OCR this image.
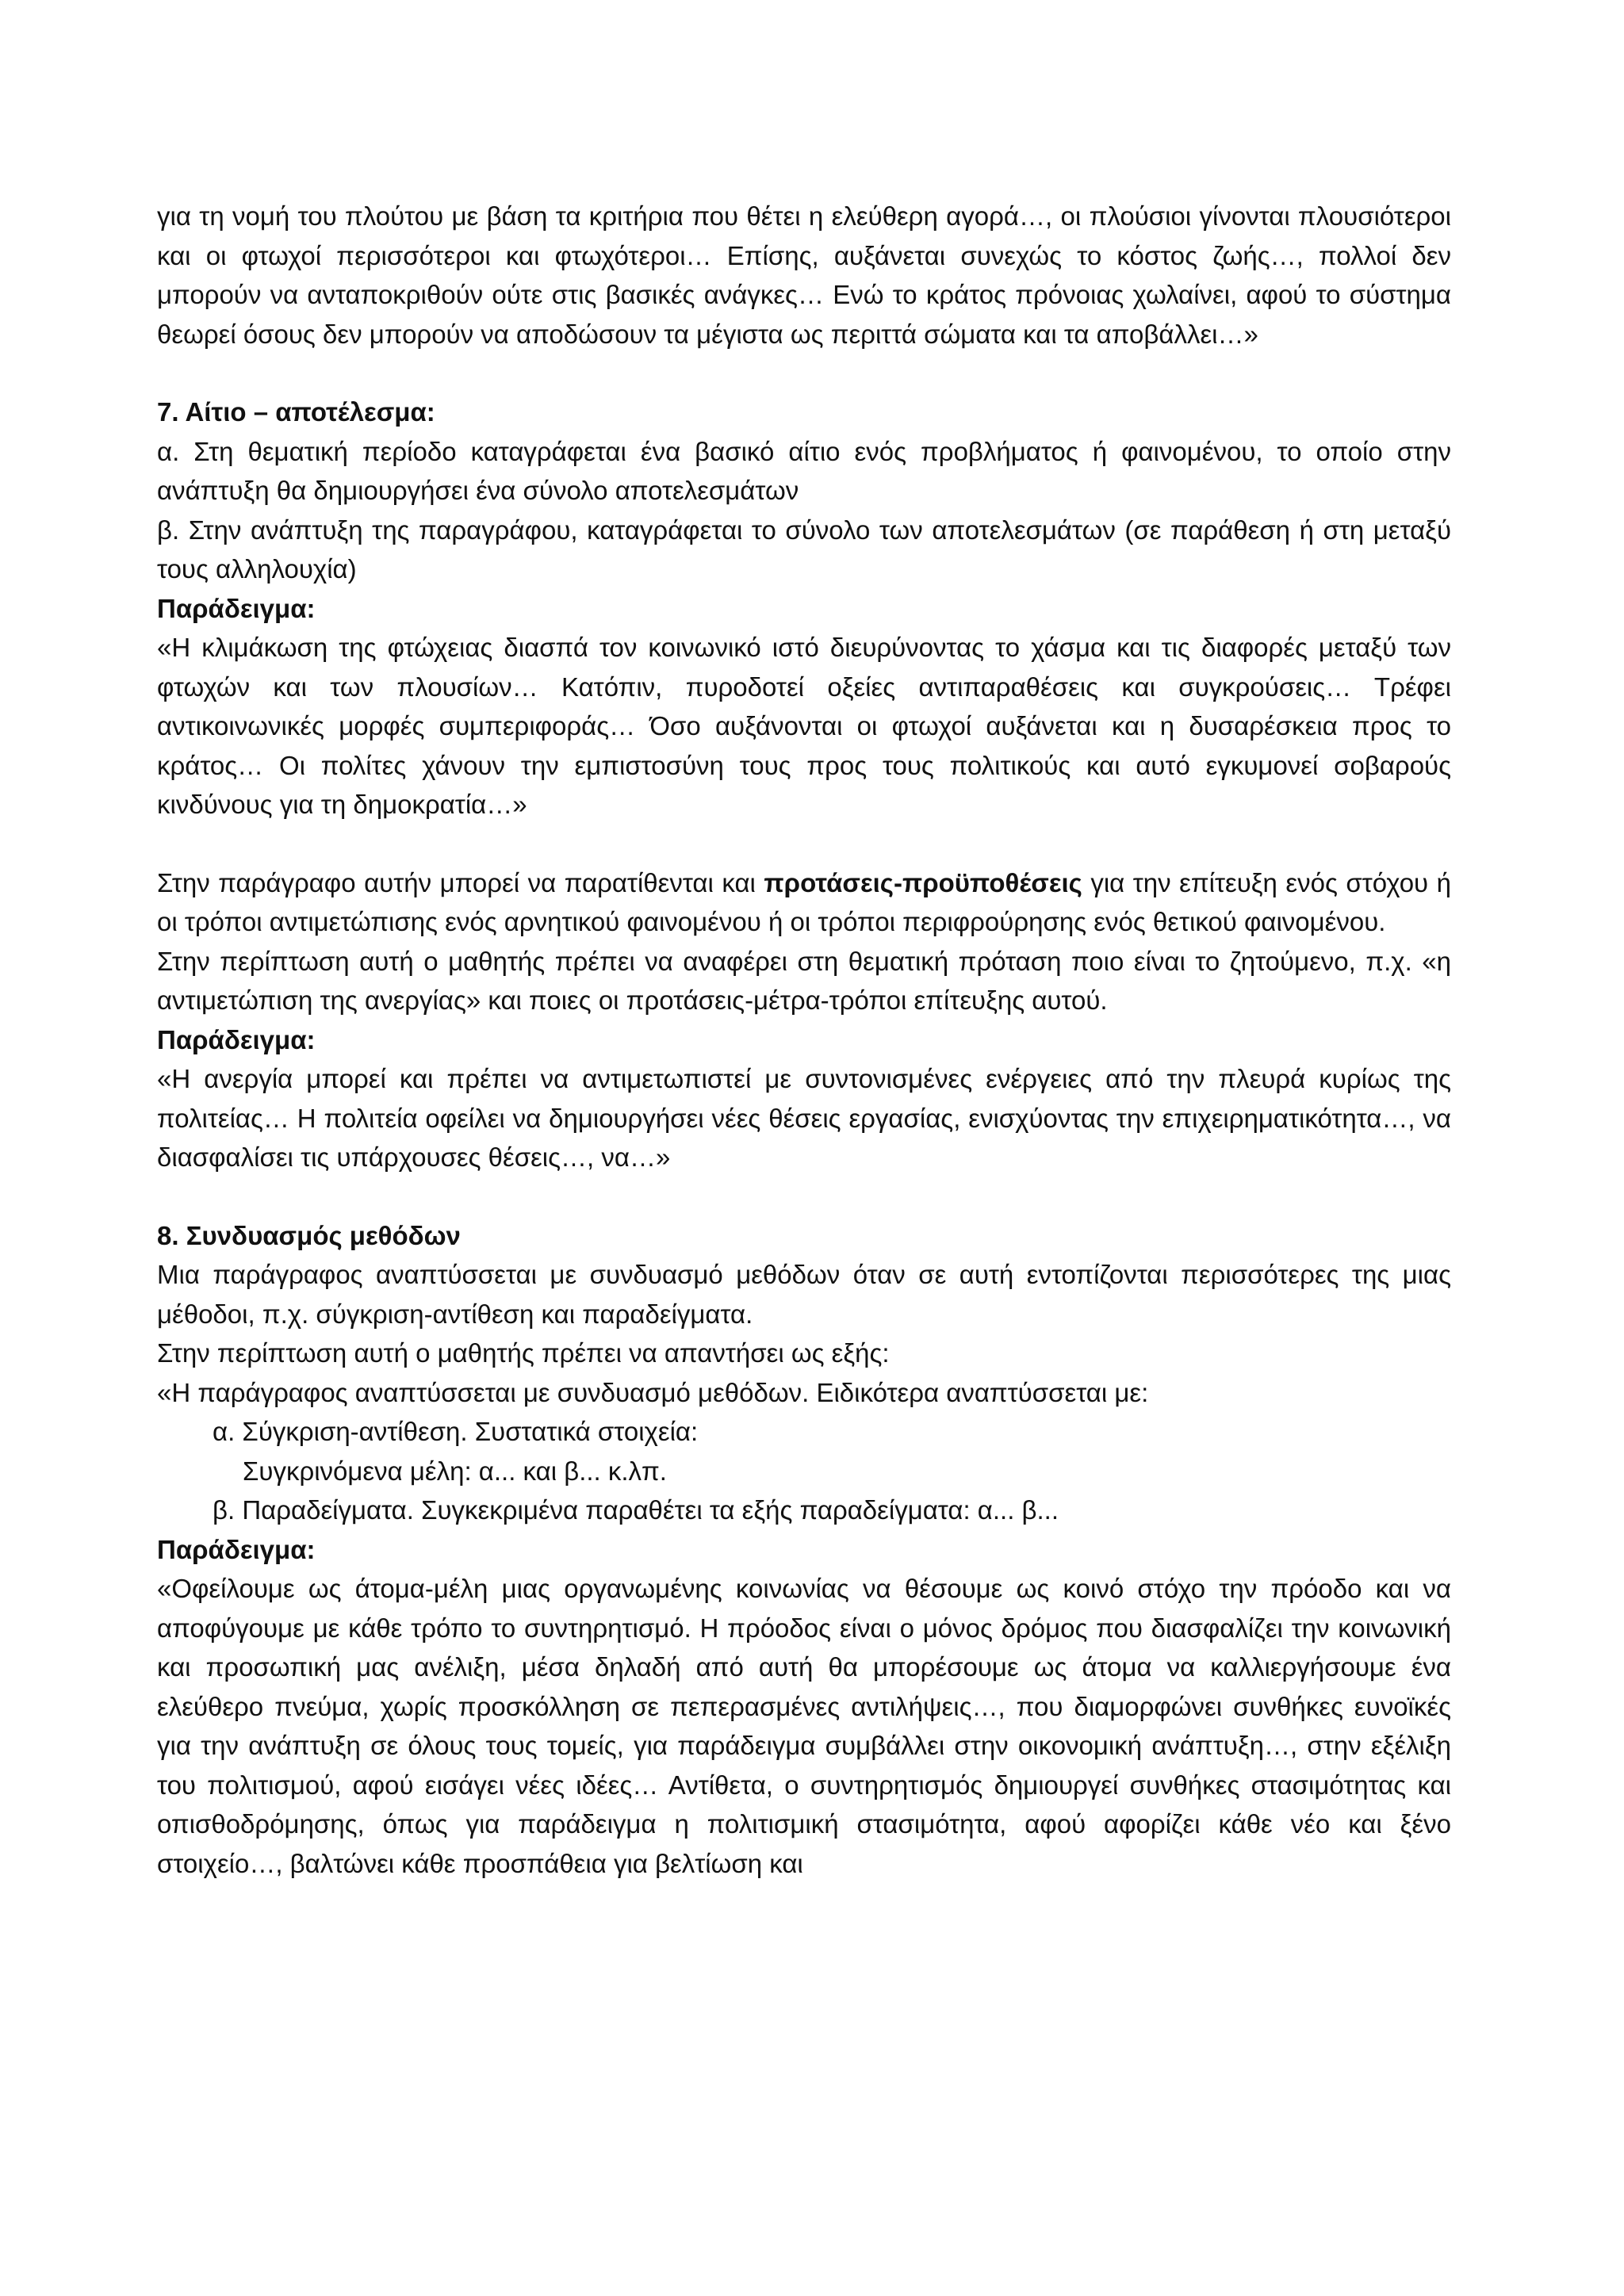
για τη νομή του πλούτου με βάση τα κριτήρια που θέτει η ελεύθερη αγορά…, οι πλούσιοι γίνονται πλουσιότεροι και οι φτωχοί περισσότεροι και φτωχότεροι… Επίσης, αυξάνεται συνεχώς το κόστος ζωής…, πολλοί δεν μπορούν να ανταποκριθούν ούτε στις βασικές ανάγκες… Ενώ το κράτος πρόνοιας χωλαίνει, αφού το σύστημα θεωρεί όσους δεν μπορούν να αποδώσουν τα μέγιστα ως περιττά σώματα και τα αποβάλλει…»

7. Αίτιο – αποτέλεσμα:

α. Στη θεματική περίοδο καταγράφεται ένα βασικό αίτιο ενός προβλήματος ή φαινομένου, το οποίο στην ανάπτυξη θα δημιουργήσει ένα σύνολο αποτελεσμάτων

β. Στην ανάπτυξη της παραγράφου, καταγράφεται το σύνολο των αποτελεσμάτων (σε παράθεση ή στη μεταξύ τους αλληλουχία)

Παράδειγμα:

«Η κλιμάκωση της φτώχειας διασπά τον κοινωνικό ιστό διευρύνοντας το χάσμα και τις διαφορές μεταξύ των φτωχών και των πλουσίων… Κατόπιν, πυροδοτεί οξείες αντιπαραθέσεις και συγκρούσεις… Τρέφει αντικοινωνικές μορφές συμπεριφοράς… Όσο αυξάνονται οι φτωχοί αυξάνεται και η δυσαρέσκεια προς το κράτος… Οι πολίτες χάνουν την εμπιστοσύνη τους προς τους πολιτικούς και αυτό εγκυμονεί σοβαρούς κινδύνους για τη δημοκρατία…»

Στην παράγραφο αυτήν μπορεί να παρατίθενται και προτάσεις-προϋποθέσεις για την επίτευξη ενός στόχου ή οι τρόποι αντιμετώπισης ενός αρνητικού φαινομένου ή οι τρόποι περιφρούρησης ενός θετικού φαινομένου.

Στην περίπτωση αυτή ο μαθητής πρέπει να αναφέρει στη θεματική πρόταση ποιο είναι το ζητούμενο, π.χ. «η αντιμετώπιση της ανεργίας» και ποιες οι προτάσεις-μέτρα-τρόποι επίτευξης αυτού.

Παράδειγμα:

«Η ανεργία μπορεί και πρέπει να αντιμετωπιστεί με συντονισμένες ενέργειες από την πλευρά κυρίως της πολιτείας… Η πολιτεία οφείλει να δημιουργήσει νέες θέσεις εργασίας, ενισχύοντας την επιχειρηματικότητα…, να διασφαλίσει τις υπάρχουσες θέσεις…, να…»

8. Συνδυασμός μεθόδων

Μια παράγραφος αναπτύσσεται με συνδυασμό μεθόδων όταν σε αυτή εντοπίζονται περισσότερες της μιας μέθοδοι, π.χ. σύγκριση-αντίθεση και παραδείγματα.

Στην περίπτωση αυτή ο μαθητής πρέπει να απαντήσει ως εξής:

«Η παράγραφος αναπτύσσεται με συνδυασμό μεθόδων. Ειδικότερα αναπτύσσεται με:

α. Σύγκριση-αντίθεση. Συστατικά στοιχεία:

Συγκρινόμενα μέλη: α... και β... κ.λπ.

β. Παραδείγματα. Συγκεκριμένα παραθέτει τα εξής παραδείγματα: α... β...

Παράδειγμα:

«Οφείλουμε ως άτομα-μέλη μιας οργανωμένης κοινωνίας να θέσουμε ως κοινό στόχο την πρόοδο και να αποφύγουμε με κάθε τρόπο το συντηρητισμό. Η πρόοδος είναι ο μόνος δρόμος που διασφαλίζει την κοινωνική και προσωπική μας ανέλιξη, μέσα δηλαδή από αυτή θα μπορέσουμε ως άτομα να καλλιεργήσουμε ένα ελεύθερο πνεύμα, χωρίς προσκόλληση σε πεπερασμένες αντιλήψεις…, που διαμορφώνει συνθήκες ευνοϊκές για την ανάπτυξη σε όλους τους τομείς, για παράδειγμα συμβάλλει στην οικονομική ανάπτυξη…, στην εξέλιξη του πολιτισμού, αφού εισάγει νέες ιδέες… Αντίθετα, ο συντηρητισμός δημιουργεί συνθήκες στασιμότητας και οπισθοδρόμησης, όπως για παράδειγμα η πολιτισμική στασιμότητα, αφού αφορίζει κάθε νέο και ξένο στοιχείο…, βαλτώνει κάθε προσπάθεια για βελτίωση και
